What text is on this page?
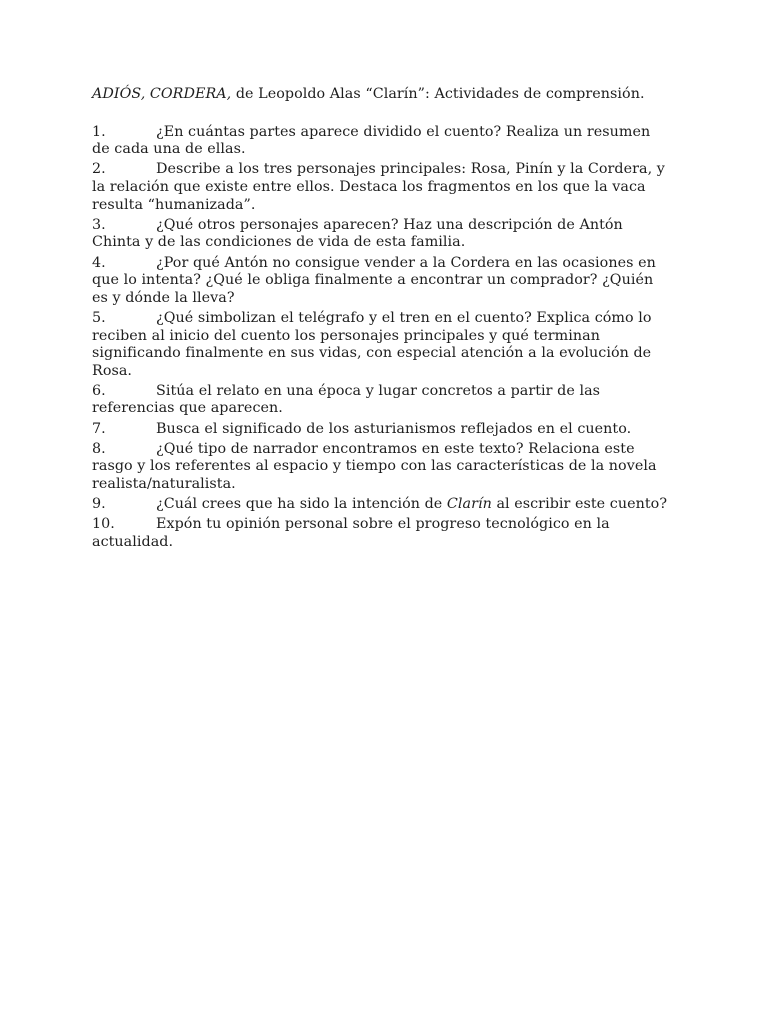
ADIÓS, CORDERA, de Leopoldo Alas “Clarín”: Actividades de comprensión.

1.	¿En cuántas partes aparece dividido el cuento? Realiza un resumen de cada una de ellas.
2.	Describe a los tres personajes principales: Rosa, Pinín y la Cordera, y la relación que existe entre ellos. Destaca los fragmentos en los que la vaca resulta “humanizada”.
3.	¿Qué otros personajes aparecen? Haz una descripción de Antón Chinta y de las condiciones de vida de esta familia.
4.	¿Por qué Antón no consigue vender a la Cordera en las ocasiones en que lo intenta? ¿Qué le obliga finalmente a encontrar un comprador? ¿Quién es y dónde la lleva?
5.	¿Qué simbolizan el telégrafo y el tren en el cuento? Explica cómo lo reciben al inicio del cuento los personajes principales y qué terminan significando finalmente en sus vidas, con especial atención a la evolución de Rosa.
6.	Sitúa el relato en una época y lugar concretos a partir de las referencias que aparecen.
7.	Busca el significado de los asturianismos reflejados en el cuento.
8.	¿Qué tipo de narrador encontramos en este texto? Relaciona este rasgo y los referentes al espacio y tiempo con las características de la novela realista/naturalista.
9.	¿Cuál crees que ha sido la intención de Clarín al escribir este cuento?
10.	Expón tu opinión personal sobre el progreso tecnológico en la actualidad.
